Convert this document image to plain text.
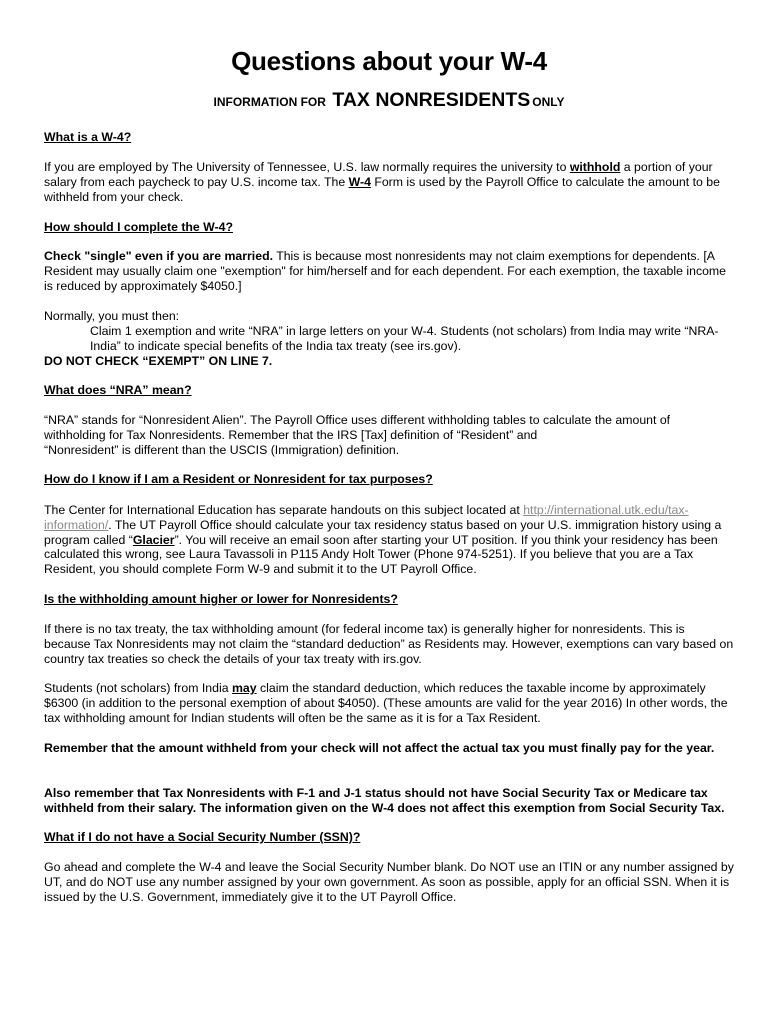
Questions about your W-4
INFORMATION FOR TAX NONRESIDENTS ONLY
What is a W-4?
If you are employed by The University of Tennessee, U.S. law normally requires the university to withhold a portion of your salary from each paycheck to pay U.S. income tax. The W-4 Form is used by the Payroll Office to calculate the amount to be withheld from your check.
How should I complete the W-4?
Check "single" even if you are married. This is because most nonresidents may not claim exemptions for dependents. [A Resident may usually claim one "exemption" for him/herself and for each dependent. For each exemption, the taxable income is reduced by approximately $4050.]
Normally, you must then:
Claim 1 exemption and write “NRA” in large letters on your W-4. Students (not scholars) from India may write “NRA-India” to indicate special benefits of the India tax treaty (see irs.gov).
DO NOT CHECK “EXEMPT” ON LINE 7.
What does “NRA” mean?
“NRA” stands for “Nonresident Alien”. The Payroll Office uses different withholding tables to calculate the amount of withholding for Tax Nonresidents. Remember that the IRS [Tax] definition of “Resident” and
“Nonresident” is different than the USCIS (Immigration) definition.
How do I know if I am a Resident or Nonresident for tax purposes?
The Center for International Education has separate handouts on this subject located at http://international.utk.edu/tax-information/. The UT Payroll Office should calculate your tax residency status based on your U.S. immigration history using a program called “Glacier”. You will receive an email soon after starting your UT position. If you think your residency has been calculated this wrong, see Laura Tavassoli in P115 Andy Holt Tower (Phone 974-5251). If you believe that you are a Tax Resident, you should complete Form W-9 and submit it to the UT Payroll Office.
Is the withholding amount higher or lower for Nonresidents?
If there is no tax treaty, the tax withholding amount (for federal income tax) is generally higher for nonresidents. This is because Tax Nonresidents may not claim the “standard deduction” as Residents may. However, exemptions can vary based on country tax treaties so check the details of your tax treaty with irs.gov.
Students (not scholars) from India may claim the standard deduction, which reduces the taxable income by approximately $6300 (in addition to the personal exemption of about $4050). (These amounts are valid for the year 2016) In other words, the tax withholding amount for Indian students will often be the same as it is for a Tax Resident.
Remember that the amount withheld from your check will not affect the actual tax you must finally pay for the year.
Also remember that Tax Nonresidents with F-1 and J-1 status should not have Social Security Tax or Medicare tax withheld from their salary. The information given on the W-4 does not affect this exemption from Social Security Tax.
What if I do not have a Social Security Number (SSN)?
Go ahead and complete the W-4 and leave the Social Security Number blank. Do NOT use an ITIN or any number assigned by UT, and do NOT use any number assigned by your own government. As soon as possible, apply for an official SSN. When it is issued by the U.S. Government, immediately give it to the UT Payroll Office.
